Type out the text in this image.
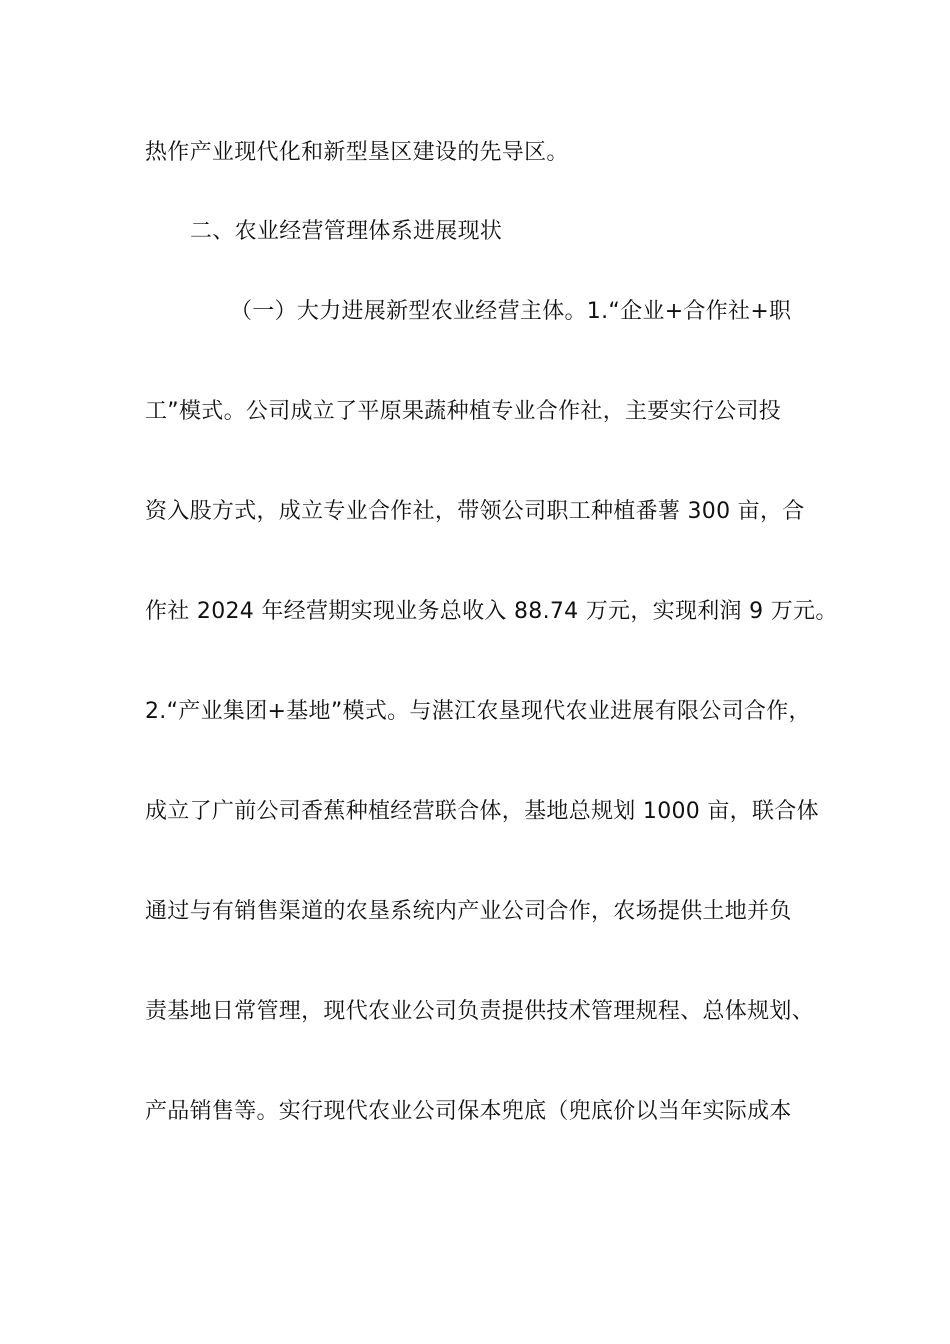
热作产业现代化和新型垦区建设的先导区。
二、农业经营管理体系进展现状
（一）大力进展新型农业经营主体。1.“企业+合作社+职
工”模式。公司成立了平原果蔬种植专业合作社，主要实行公司投
资入股方式，成立专业合作社，带领公司职工种植番薯 300 亩，合
作社 2024 年经营期实现业务总收入 88.74 万元，实现利润 9 万元。
2.“产业集团+基地”模式。与湛江农垦现代农业进展有限公司合作，
成立了广前公司香蕉种植经营联合体，基地总规划 1000 亩，联合体
通过与有销售渠道的农垦系统内产业公司合作，农场提供土地并负
责基地日常管理，现代农业公司负责提供技术管理规程、总体规划、
产品销售等。实行现代农业公司保本兜底（兜底价以当年实际成本
